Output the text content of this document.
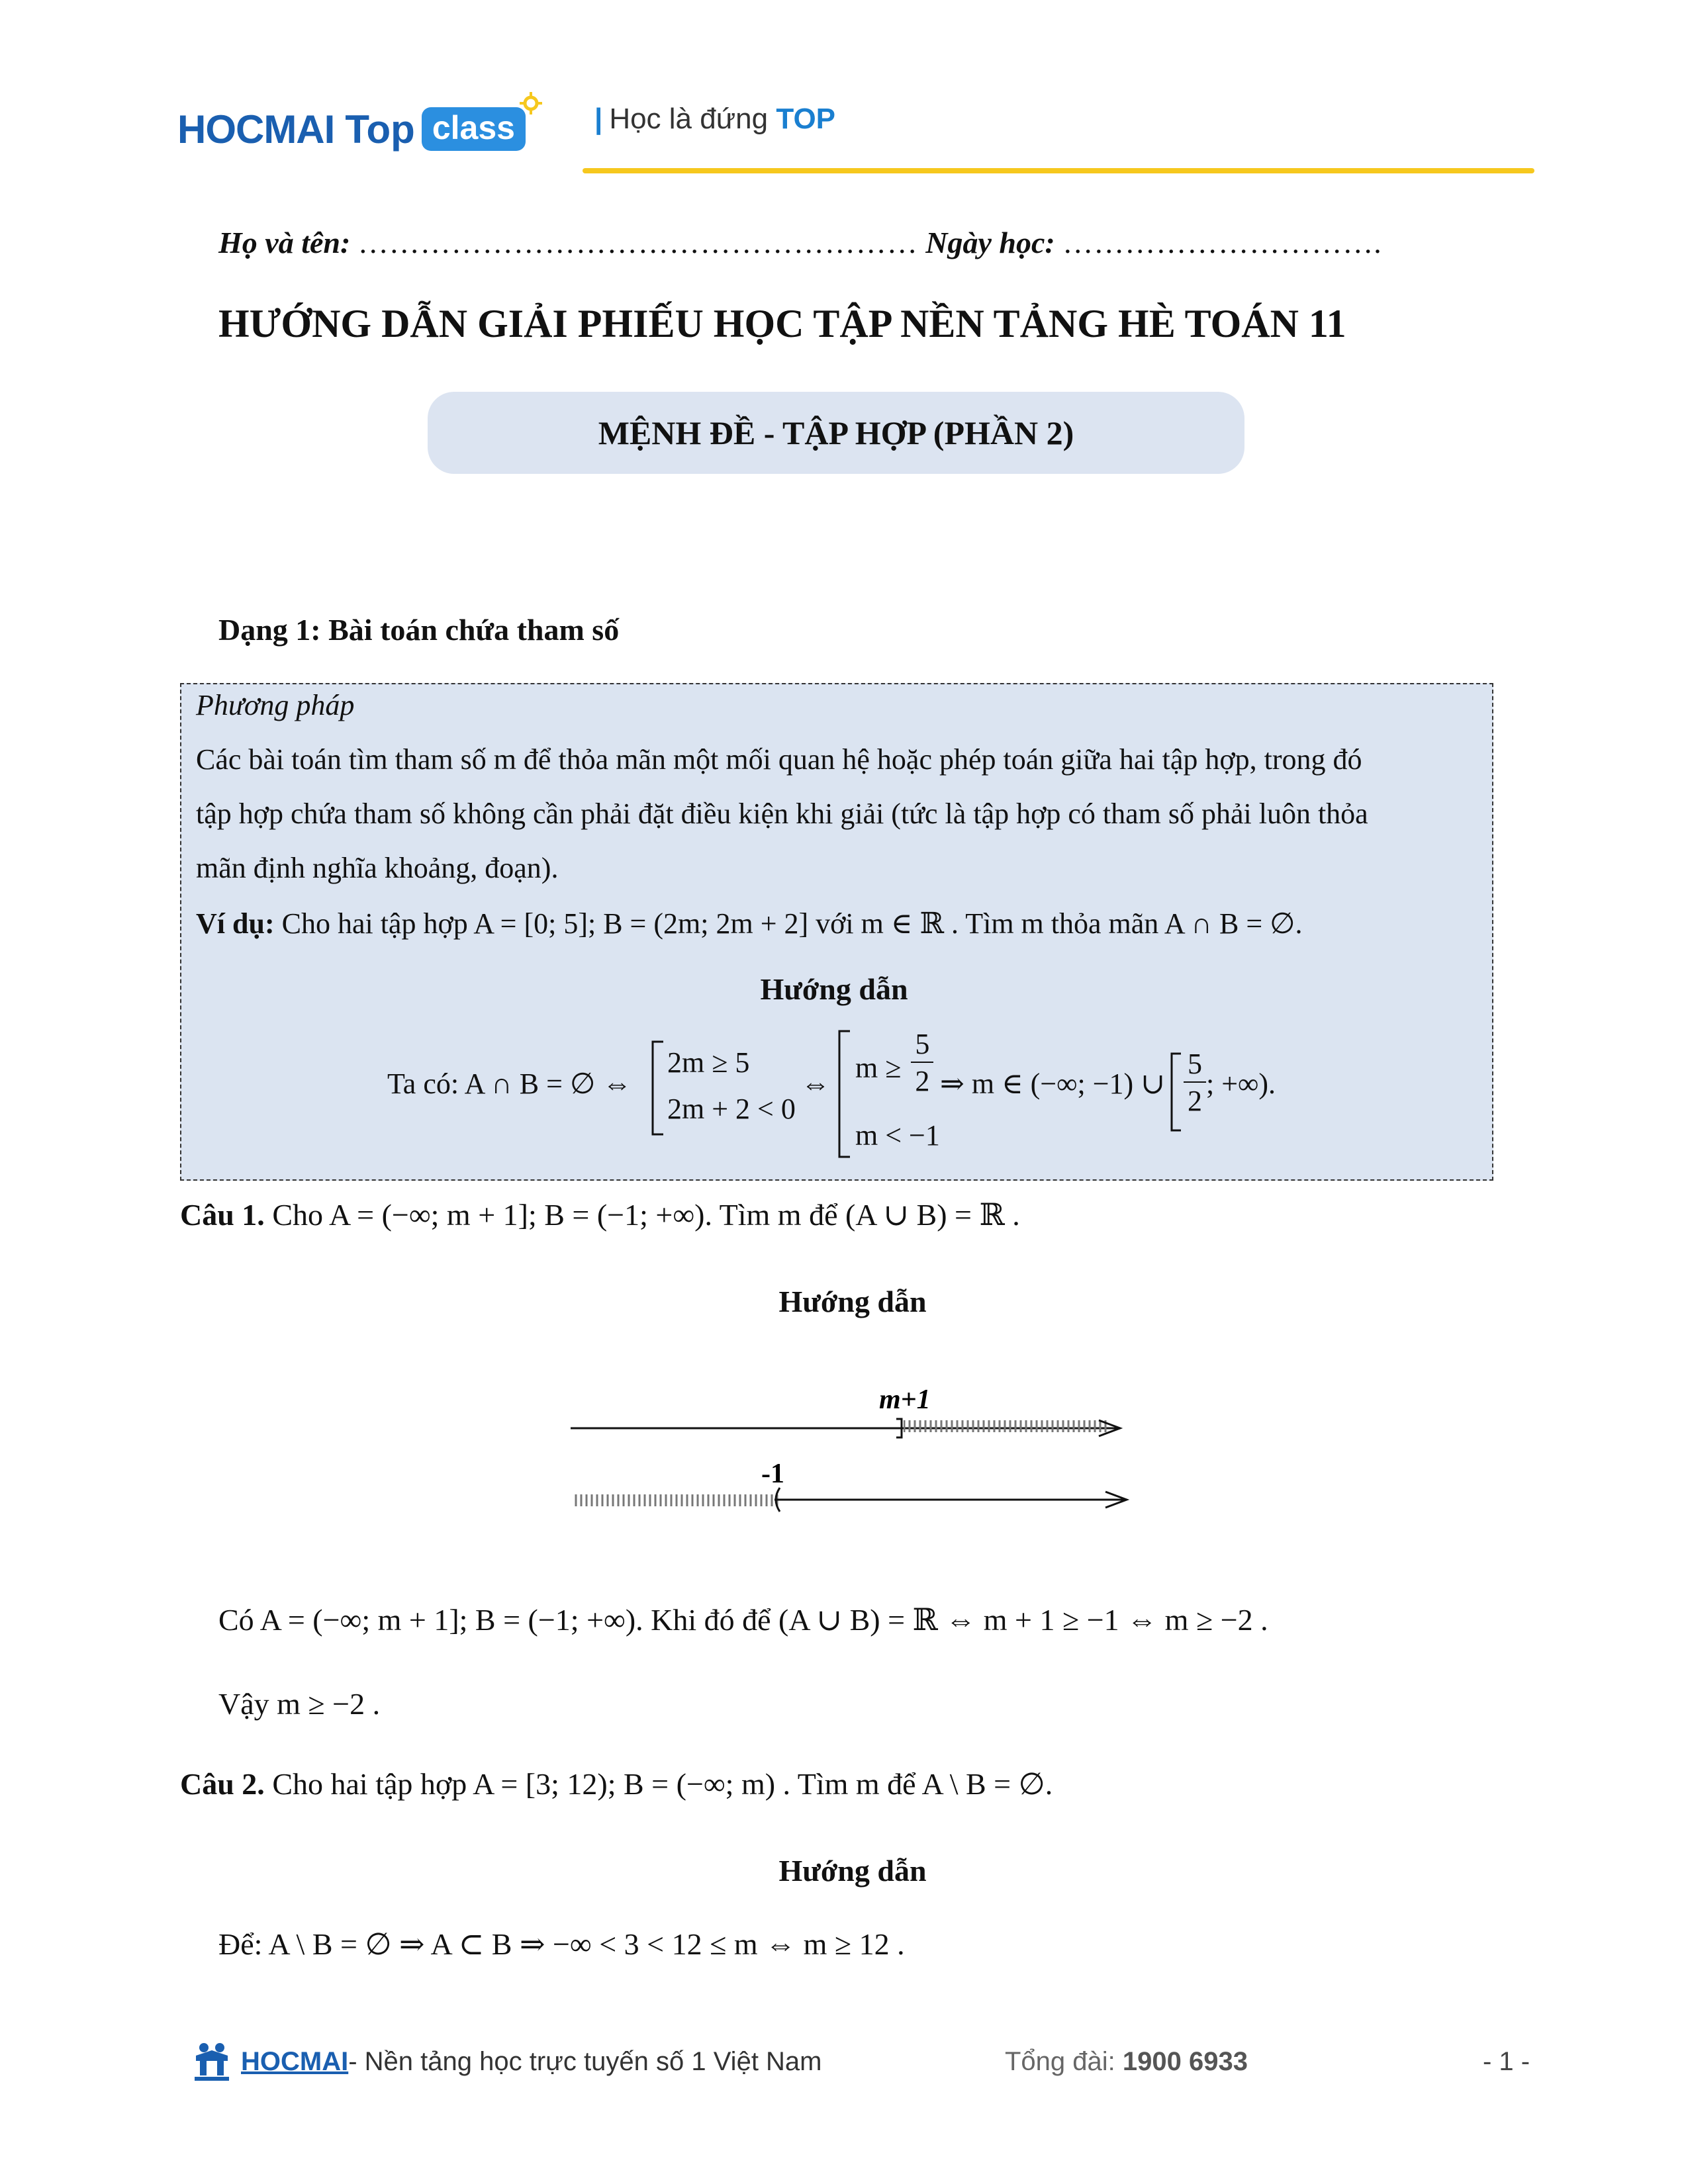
HOCMAI Top class	| Học là đứng TOP
Họ và tên: ……………………………………………… Ngày học: ………………………….
HƯỚNG DẪN GIẢI PHIẾU HỌC TẬP NỀN TẢNG HÈ TOÁN 11
MỆNH ĐỀ - TẬP HỢP (PHẦN 2)
Dạng 1: Bài toán chứa tham số
Phương pháp
Các bài toán tìm tham số m để thỏa mãn một mối quan hệ hoặc phép toán giữa hai tập hợp, trong đó
tập hợp chứa tham số không cần phải đặt điều kiện khi giải (tức là tập hợp có tham số phải luôn thỏa
mãn định nghĩa khoảng, đoạn).
Ví dụ: Cho hai tập hợp A = [0; 5]; B = (2m; 2m + 2] với m ∈ ℝ . Tìm m thỏa mãn A ∩ B = ∅.
Hướng dẫn
Ta có: A ∩ B = ∅ ⇔
2m ≥ 5
2m + 2 < 0
⇔ $m \ge \frac{5}{2}$
m < −1
⇒ m ∈ (−∞; −1) ∪ $\frac{5}{2}$ ; +∞).
Câu 1. Cho A = (−∞; m + 1]; B = (−1; +∞). Tìm m để (A ∪ B) = ℝ .
Hướng dẫn
m+1
-1
Có A = (−∞; m + 1]; B = (−1; +∞). Khi đó để (A ∪ B) = ℝ ⇔ m + 1 ≥ −1 ⇔ m ≥ −2 .
Vậy m ≥ −2 .
Câu 2. Cho hai tập hợp A = [3; 12); B = (−∞; m) . Tìm m để A \ B = ∅.
Hướng dẫn
Để: A \ B = ∅ ⇒ A ⊂ B ⇒ −∞ < 3 < 12 ≤ m ⇔ m ≥ 12 .
HOCMAI - Nền tảng học trực tuyến số 1 Việt Nam	Tổng đài: 1900 6933	- 1 -
